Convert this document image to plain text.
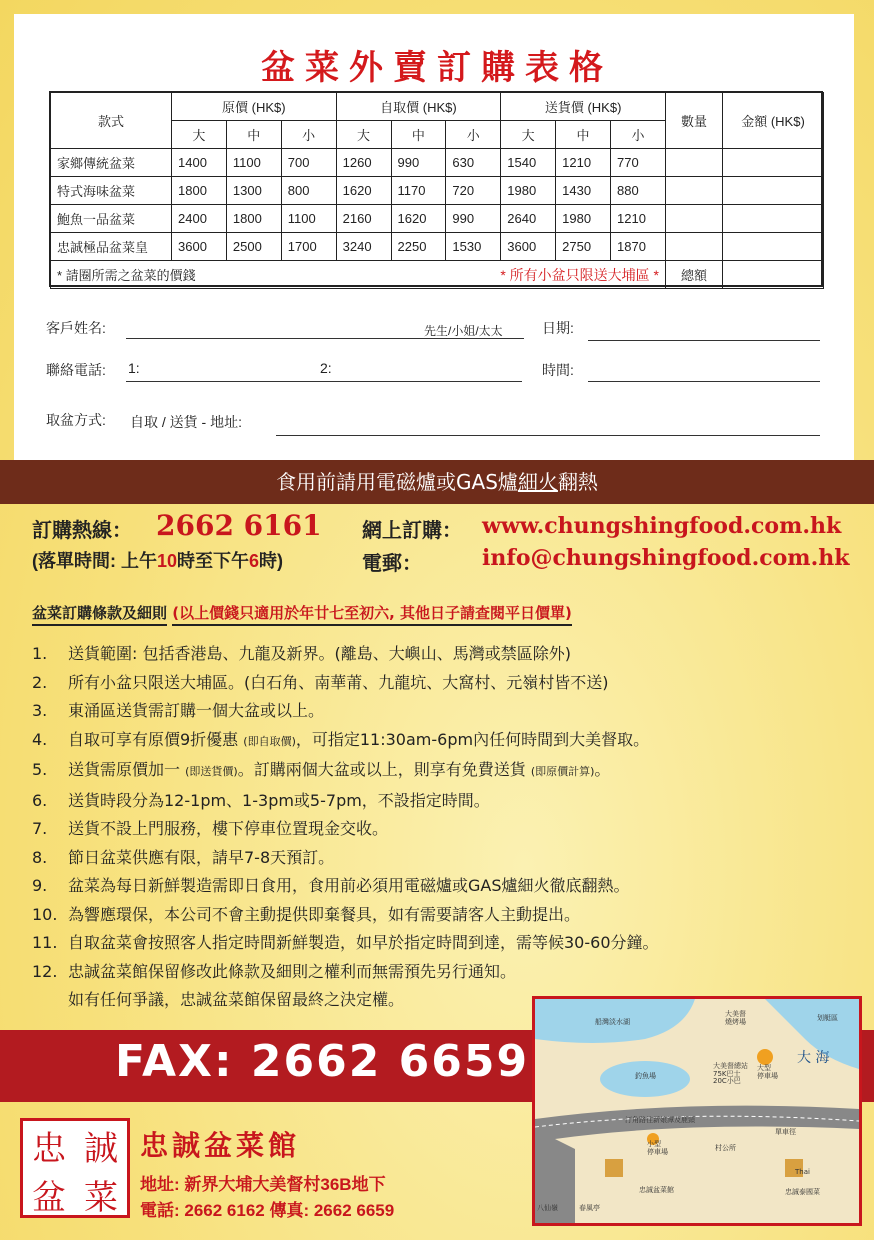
盆菜外賣訂購表格
款式	原價 (HK$)			自取價 (HK$)			送貨價 (HK$)			數量	金額 (HK$)
	大	中	小	大	中	小	大	中	小		
家鄉傳統盆菜	1400	1100	700	1260	990	630	1540	1210	770		
特式海味盆菜	1800	1300	800	1620	1170	720	1980	1430	880		
鮑魚一品盆菜	2400	1800	1100	2160	1620	990	2640	1980	1210		
忠誠極品盆菜皇	3600	2500	1700	3240	2250	1530	3600	2750	1870		
* 請圈所需之盆菜的價錢				* 所有小盆只限送大埔區 *						總額	
客戶姓名:	先生/小姐/太太	日期:
聯絡電話: 1:	2:	時間:
取盆方式: 自取 / 送貨 - 地址:
食用前請用電磁爐或GAS爐細火翻熱
訂購熱線： 2662 6161
(落單時間: 上午10時至下午6時)
網上訂購： www.chungshingfood.com.hk
電郵：	info@chungshingfood.com.hk
盆菜訂購條款及細則 (以上價錢只適用於年廿七至初六, 其他日子請查閱平日價單)
1. 送貨範圍: 包括香港島、九龍及新界。(離島、大嶼山、馬灣或禁區除外)
2. 所有小盆只限送大埔區。(白石角、南華莆、九龍坑、大窩村、元嶺村皆不送)
3. 東涌區送貨需訂購一個大盆或以上。
4. 自取可享有原價9折優惠 (即自取價)，可指定11:30am-6pm內任何時間到大美督取。
5. 送貨需原價加一 (即送貨價)。訂購兩個大盆或以上，則享有免費送貨 (即原價計算)。
6. 送貨時段分為12-1pm、1-3pm或5-7pm，不設指定時間。
7. 送貨不設上門服務，樓下停車位置現金交收。
8. 節日盆菜供應有限，請早7-8天預訂。
9. 盆菜為每日新鮮製造需即日食用，食用前必須用電磁爐或GAS爐細火徹底翻熱。
10. 為響應環保，本公司不會主動提供即棄餐具，如有需要請客人主動提出。
11. 自取盆菜會按照客人指定時間新鮮製造，如早於指定時間到達，需等候30-60分鐘。
12. 忠誠盆菜館保留修改此條款及細則之權利而無需預先另行通知。
如有任何爭議，忠誠盆菜館保留最終之決定權。
FAX: 2662 6659
忠 誠
盆 菜
忠誠盆菜館
地址: 新界大埔大美督村36B地下
電話: 2662 6162 傳真: 2662 6659
船灣淡水湖
大美督
燒烤場	划艇區
大 海
釣魚場
大美督總站
75K巴士
20C小巴
大型
停車場
汀角路往新娘潭及鹿頸
單車徑
小型
停車場	村公所
八仙嶺	春風亭
忠誠盆菜館
Thai
忠誠泰國菜
